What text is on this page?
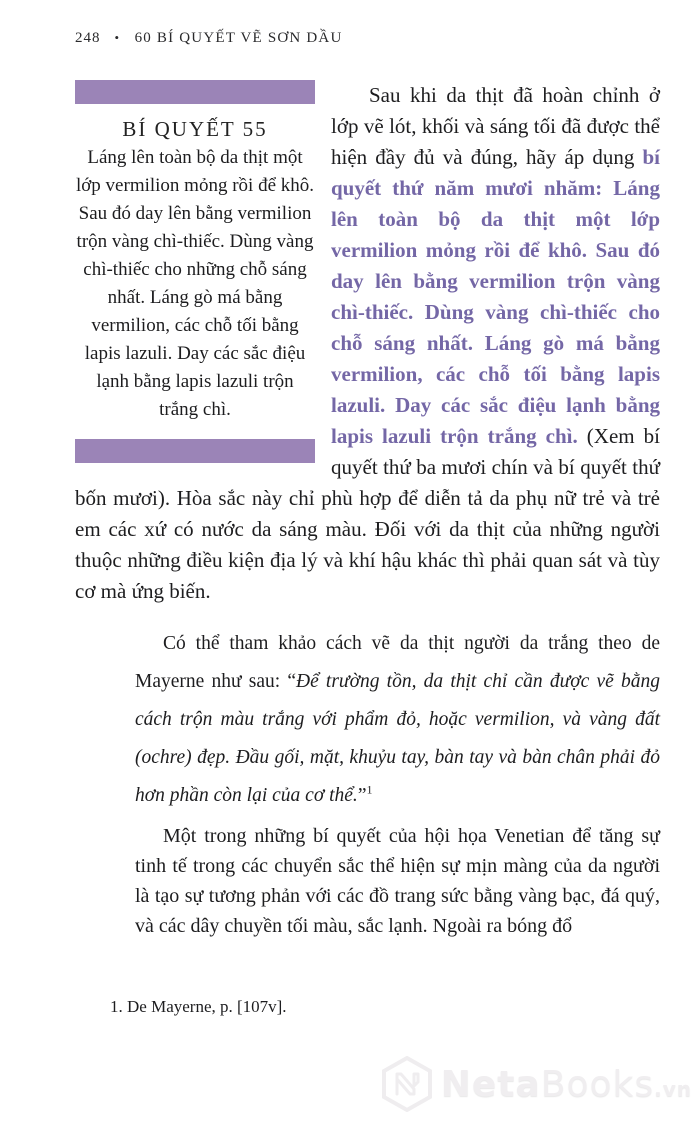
248 • 60 BÍ QUYẾT VẼ SƠN DẦU
BÍ QUYẾT 55

Láng lên toàn bộ da thịt một lớp vermilion mỏng rồi để khô. Sau đó day lên bằng vermilion trộn vàng chì-thiếc. Dùng vàng chì-thiếc cho những chỗ sáng nhất. Láng gò má bằng vermilion, các chỗ tối bằng lapis lazuli. Day các sắc điệu lạnh bằng lapis lazuli trộn trắng chì.

Sau khi da thịt đã hoàn chỉnh ở lớp vẽ lót, khối và sáng tối đã được thể hiện đầy đủ và đúng, hãy áp dụng bí quyết thứ năm mươi nhăm: Láng lên toàn bộ da thịt một lớp vermilion mỏng rồi để khô. Sau đó day lên bằng vermilion trộn vàng chì-thiếc. Dùng vàng chì-thiếc cho chỗ sáng nhất. Láng gò má bằng vermilion, các chỗ tối bằng lapis lazuli. Day các sắc điệu lạnh bằng lapis lazuli trộn trắng chì. (Xem bí quyết thứ ba mươi chín và bí quyết thứ bốn mươi). Hòa sắc này chỉ phù hợp để diễn tả da phụ nữ trẻ và trẻ em các xứ có nước da sáng màu. Đối với da thịt của những người thuộc những điều kiện địa lý và khí hậu khác thì phải quan sát và tùy cơ mà ứng biến.

Có thể tham khảo cách vẽ da thịt người da trắng theo de Mayerne như sau: “Để trường tồn, da thịt chỉ cần được vẽ bằng cách trộn màu trắng với phẩm đỏ, hoặc vermilion, và vàng đất (ochre) đẹp. Đầu gối, mặt, khuỷu tay, bàn tay và bàn chân phải đỏ hơn phần còn lại của cơ thể.”$^1$

Một trong những bí quyết của hội họa Venetian để tăng sự tinh tế trong các chuyển sắc thể hiện sự mịn màng của da người là tạo sự tương phản với các đồ trang sức bằng vàng bạc, đá quý, và các dây chuyền tối màu, sắc lạnh. Ngoài ra bóng đổ

1. De Mayerne, p. [107v].
NetaBooks.vn
